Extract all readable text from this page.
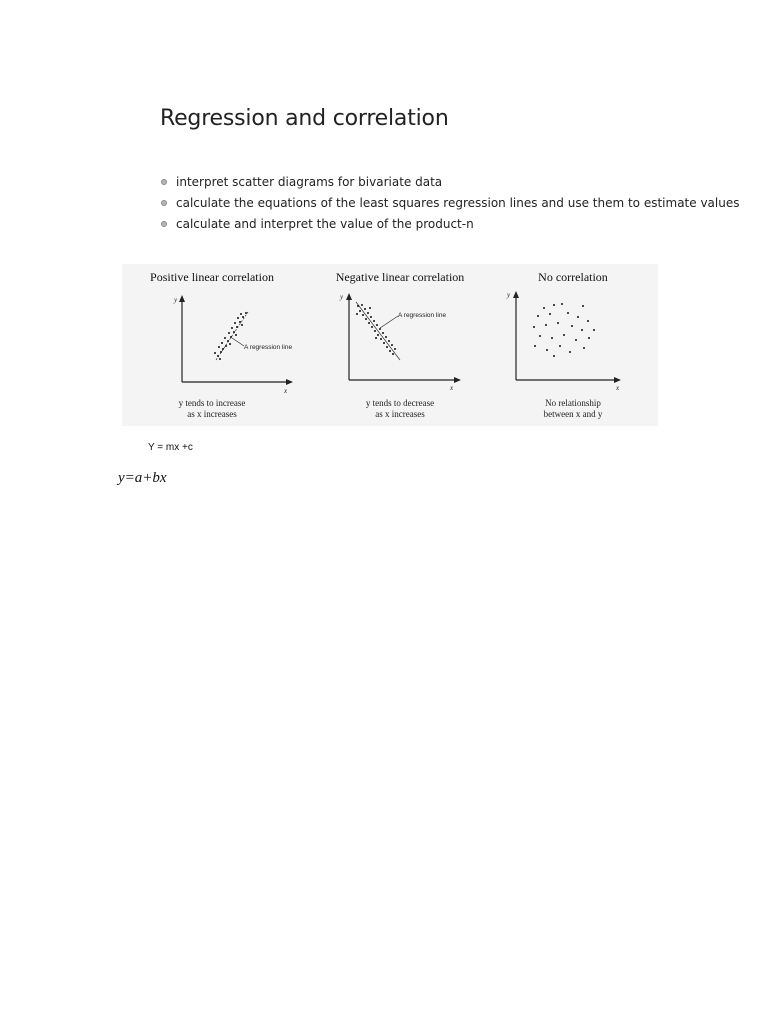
Regression and correlation
interpret scatter diagrams for bivariate data
calculate the equations of the least squares regression lines and use them to estimate values
calculate and interpret the value of the product-n
Positive linear correlation
y
x
A regression line
y tends to increase
as x increases
Negative linear correlation
y
x
A regression line
y tends to decrease
as x increases
No correlation
y
x
No relationship
between x and y
Y = mx +c
y=a+bx
